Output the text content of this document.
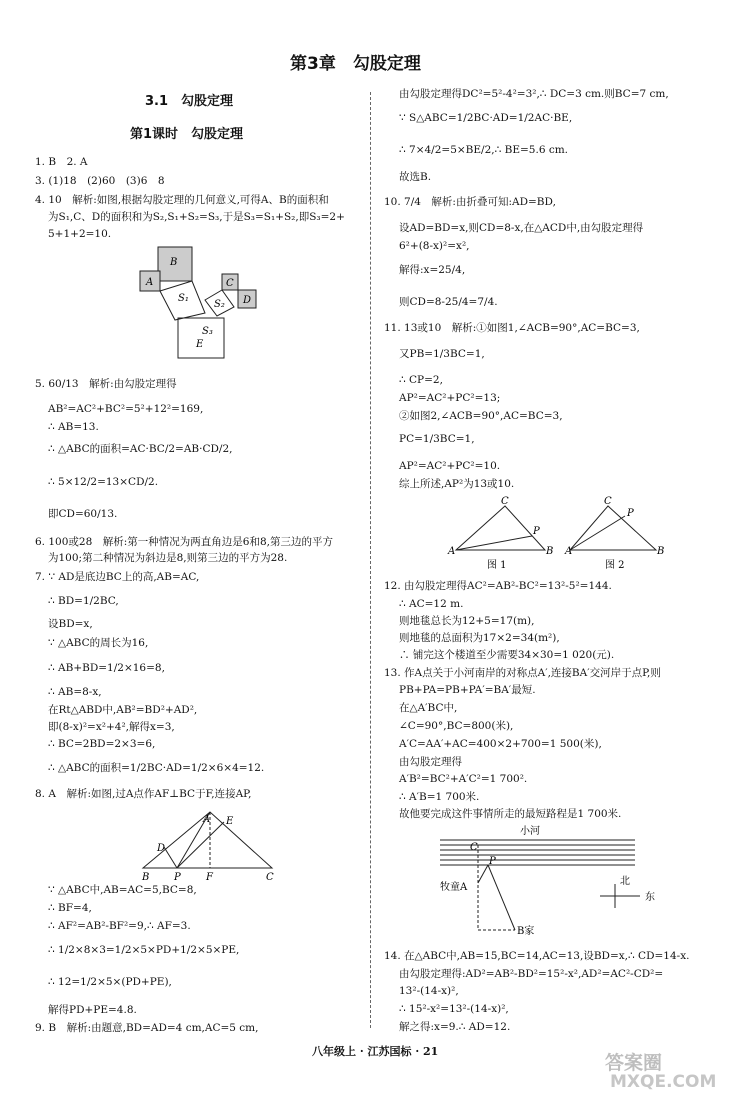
第3章　勾股定理
3.1　勾股定理
第1课时　勾股定理
1. B　2. A
3. (1)18　(2)60　(3)6　8
4. 10　解析:如图,根据勾股定理的几何意义,可得A、B的面积和
为S₁,C、D的面积和为S₂,S₁+S₂=S₃,于是S₃=S₁+S₂,即S₃=2+
5+1+2=10.
B
A	C
D
S₁
S₂
S₃
E
5. 60/13　解析:由勾股定理得
AB²=AC²+BC²=5²+12²=169,
∴ AB=13.
∴ △ABC的面积=AC·BC/2=AB·CD/2,
∴ 5×12/2=13×CD/2.
即CD=60/13.
6. 100或28　解析:第一种情况为两直角边是6和8,第三边的平方
为100;第二种情况为斜边是8,则第三边的平方为28.
7. ∵ AD是底边BC上的高,AB=AC,
∴ BD=1/2BC,
设BD=x,
∵ △ABC的周长为16,
∴ AB+BD=1/2×16=8,
∴ AB=8-x,
在Rt△ABD中,AB²=BD²+AD²,
即(8-x)²=x²+4²,解得x=3,
∴ BC=2BD=2×3=6,
∴ △ABC的面积=1/2BC·AD=1/2×6×4=12.
8. A　解析:如图,过A点作AF⊥BC于F,连接AP,
A E
D
B P	F	C
∵ △ABC中,AB=AC=5,BC=8,
∴ BF=4,
∴ AF²=AB²-BF²=9,∴ AF=3.
∴ 1/2×8×3=1/2×5×PD+1/2×5×PE,
∴ 12=1/2×5×(PD+PE),
解得PD+PE=4.8.
9. B　解析:由题意,BD=AD=4 cm,AC=5 cm,
由勾股定理得DC²=5²-4²=3²,∴ DC=3 cm.则BC=7 cm,
∵ S△ABC=1/2BC·AD=1/2AC·BE,
∴ 7×4/2=5×BE/2,∴ BE=5.6 cm.
故选B.
10. 7/4　解析:由折叠可知:AD=BD,
设AD=BD=x,则CD=8-x,在△ACD中,由勾股定理得
6²+(8-x)²=x²,
解得:x=25/4,
则CD=8-25/4=7/4.
11. 13或10　解析:①如图1,∠ACB=90°,AC=BC=3,
又PB=1/3BC=1,
∴ CP=2,
AP²=AC²+PC²=13;
②如图2,∠ACB=90°,AC=BC=3,
PC=1/3BC=1,
AP²=AC²+PC²=10.
综上所述,AP²为13或10.
C
P
A	B
C
P
A	B
图 1	图 2
12. 由勾股定理得AC²=AB²-BC²=13²-5²=144.
∴ AC=12 m.
则地毯总长为12+5=17(m),
则地毯的总面积为17×2=34(m²),
∴ 铺完这个楼道至少需要34×30=1 020(元).
13. 作A点关于小河南岸的对称点A′,连接BA′交河岸于点P,则
PB+PA=PB+PA′=BA′最短.
在△A′BC中,
∠C=90°,BC=800(米),
A′C=AA′+AC=400×2+700=1 500(米),
由勾股定理得
A′B²=BC²+A′C²=1 700².
∴ A′B=1 700米.
故他要完成这件事情所走的最短路程是1 700米.
小河
C
P
牧童A
B家
北
东
14. 在△ABC中,AB=15,BC=14,AC=13,设BD=x,∴ CD=14-x.
由勾股定理得:AD²=AB²-BD²=15²-x²,AD²=AC²-CD²=
13²-(14-x)²,
∴ 15²-x²=13²-(14-x)²,
解之得:x=9.∴ AD=12.
八年级上 · 江苏国标 · 21
答案圈
MXQE.COM
